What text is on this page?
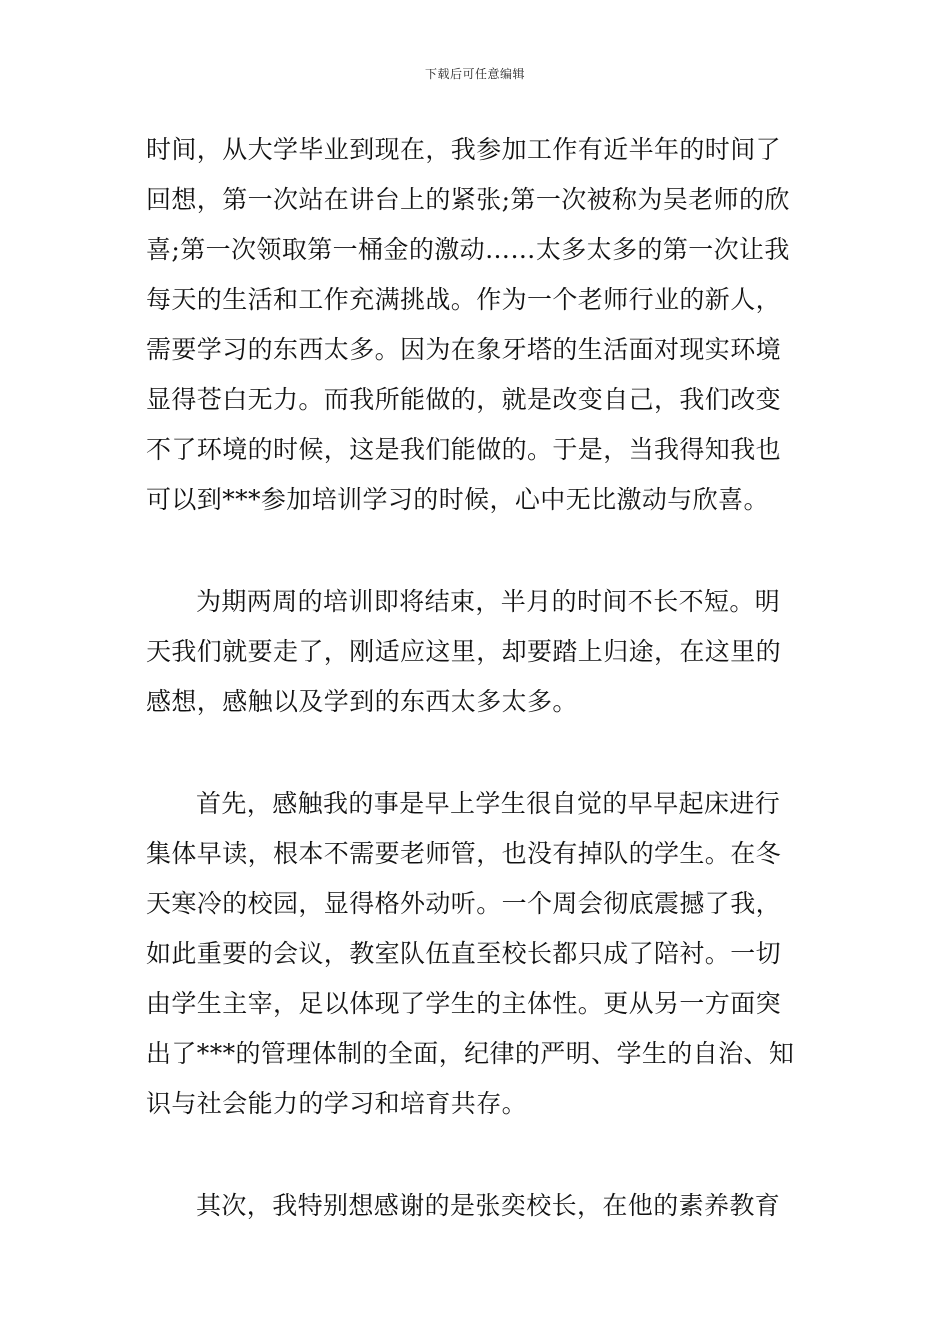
下载后可任意编辑
时间，从大学毕业到现在，我参加工作有近半年的时间了
回想，第一次站在讲台上的紧张;第一次被称为吴老师的欣
喜;第一次领取第一桶金的激动……太多太多的第一次让我
每天的生活和工作充满挑战。作为一个老师行业的新人，
需要学习的东西太多。因为在象牙塔的生活面对现实环境
显得苍白无力。而我所能做的，就是改变自己，我们改变
不了环境的时候，这是我们能做的。于是，当我得知我也
可以到***参加培训学习的时候，心中无比激动与欣喜。
为期两周的培训即将结束，半月的时间不长不短。明
天我们就要走了，刚适应这里，却要踏上归途，在这里的
感想，感触以及学到的东西太多太多。
首先，感触我的事是早上学生很自觉的早早起床进行
集体早读，根本不需要老师管，也没有掉队的学生。在冬
天寒冷的校园，显得格外动听。一个周会彻底震撼了我，
如此重要的会议，教室队伍直至校长都只成了陪衬。一切
由学生主宰，足以体现了学生的主体性。更从另一方面突
出了***的管理体制的全面，纪律的严明、学生的自治、知
识与社会能力的学习和培育共存。
其次，我特别想感谢的是张奕校长，在他的素养教育
